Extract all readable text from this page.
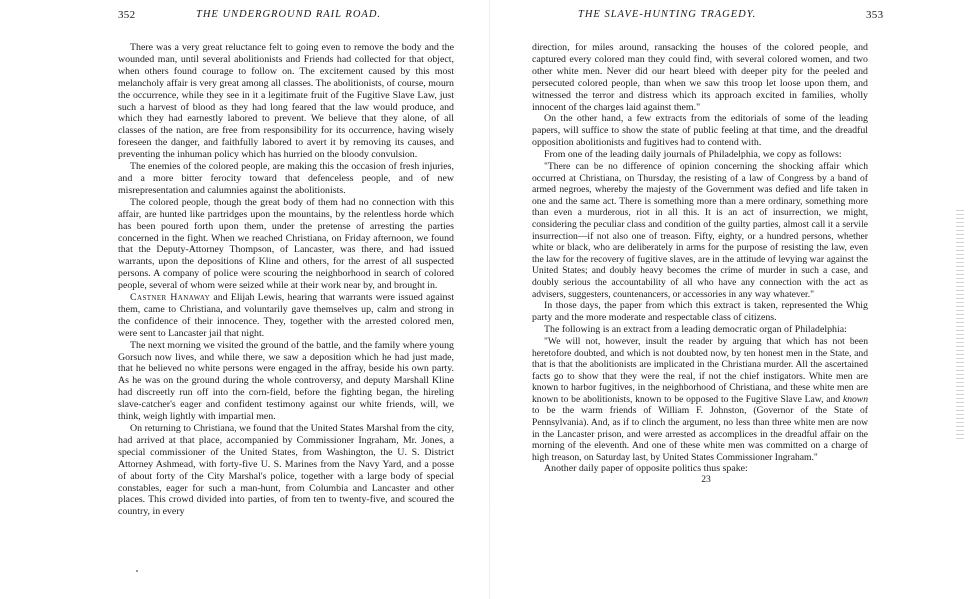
352	THE UNDERGROUND RAIL ROAD.

There was a very great reluctance felt to going even to remove the body and the wounded man, until several abolitionists and Friends had collected for that object, when others found courage to follow on. The excitement caused by this most melancholy affair is very great among all classes. The abolitionists, of course, mourn the occurrence, while they see in it a legitimate fruit of the Fugitive Slave Law, just such a harvest of blood as they had long feared that the law would produce, and which they had earnestly labored to prevent. We believe that they alone, of all classes of the nation, are free from responsibility for its occurrence, having wisely foreseen the danger, and faithfully labored to avert it by removing its causes, and preventing the inhuman policy which has hurried on the bloody convulsion.

The enemies of the colored people, are making this the occasion of fresh injuries, and a more bitter ferocity toward that defenceless people, and of new misrepresentation and calumnies against the abolitionists.

The colored people, though the great body of them had no connection with this affair, are hunted like partridges upon the mountains, by the relentless horde which has been poured forth upon them, under the pretense of arresting the parties concerned in the fight. When we reached Christiana, on Friday afternoon, we found that the Deputy-Attorney Thompson, of Lancaster, was there, and had issued warrants, upon the depositions of Kline and others, for the arrest of all suspected persons. A company of police were scouring the neighborhood in search of colored people, several of whom were seized while at their work near by, and brought in.

Castner Hanaway and Elijah Lewis, hearing that warrants were issued against them, came to Christiana, and voluntarily gave themselves up, calm and strong in the confidence of their innocence. They, together with the arrested colored men, were sent to Lancaster jail that night.

The next morning we visited the ground of the battle, and the family where young Gorsuch now lives, and while there, we saw a deposition which he had just made, that he believed no white persons were engaged in the affray, beside his own party. As he was on the ground during the whole controversy, and deputy Marshall Kline had discreetly run off into the corn-field, before the fighting began, the hireling slave-catcher's eager and confident testimony against our white friends, will, we think, weigh lightly with impartial men.

On returning to Christiana, we found that the United States Marshal from the city, had arrived at that place, accompanied by Commissioner Ingraham, Mr. Jones, a special commissioner of the United States, from Washington, the U. S. District Attorney Ashmead, with forty-five U. S. Marines from the Navy Yard, and a posse of about forty of the City Marshal's police, together with a large body of special constables, eager for such a man-hunt, from Columbia and Lancaster and other places. This crowd divided into parties, of from ten to twenty-five, and scoured the country, in every

THE SLAVE-HUNTING TRAGEDY.	353

direction, for miles around, ransacking the houses of the colored people, and captured every colored man they could find, with several colored women, and two other white men. Never did our heart bleed with deeper pity for the peeled and persecuted colored people, than when we saw this troop let loose upon them, and witnessed the terror and distress which its approach excited in families, wholly innocent of the charges laid against them."

On the other hand, a few extracts from the editorials of some of the leading papers, will suffice to show the state of public feeling at that time, and the dreadful opposition abolitionists and fugitives had to contend with.

From one of the leading daily journals of Philadelphia, we copy as follows:

"There can be no difference of opinion concerning the shocking affair which occurred at Christiana, on Thursday, the resisting of a law of Congress by a band of armed negroes, whereby the majesty of the Government was defied and life taken in one and the same act. There is something more than a mere ordinary, something more than even a murderous, riot in all this. It is an act of insurrection, we might, considering the peculiar class and condition of the guilty parties, almost call it a servile insurrection—if not also one of treason. Fifty, eighty, or a hundred persons, whether white or black, who are deliberately in arms for the purpose of resisting the law, even the law for the recovery of fugitive slaves, are in the attitude of levying war against the United States; and doubly heavy becomes the crime of murder in such a case, and doubly serious the accountability of all who have any connection with the act as advisers, suggesters, countenancers, or accessories in any way whatever."

In those days, the paper from which this extract is taken, represented the Whig party and the more moderate and respectable class of citizens.

The following is an extract from a leading democratic organ of Philadelphia:

"We will not, however, insult the reader by arguing that which has not been heretofore doubted, and which is not doubted now, by ten honest men in the State, and that is that the abolitionists are implicated in the Christiana murder. All the ascertained facts go to show that they were the real, if not the chief instigators. White men are known to harbor fugitives, in the neighborhood of Christiana, and these white men are known to be abolitionists, known to be opposed to the Fugitive Slave Law, and known to be the warm friends of William F. Johnston, (Governor of the State of Pennsylvania). And, as if to clinch the argument, no less than three white men are now in the Lancaster prison, and were arrested as accomplices in the dreadful affair on the morning of the eleventh. And one of these white men was committed on a charge of high treason, on Saturday last, by United States Commissioner Ingraham."

Another daily paper of opposite politics thus spake:

23
